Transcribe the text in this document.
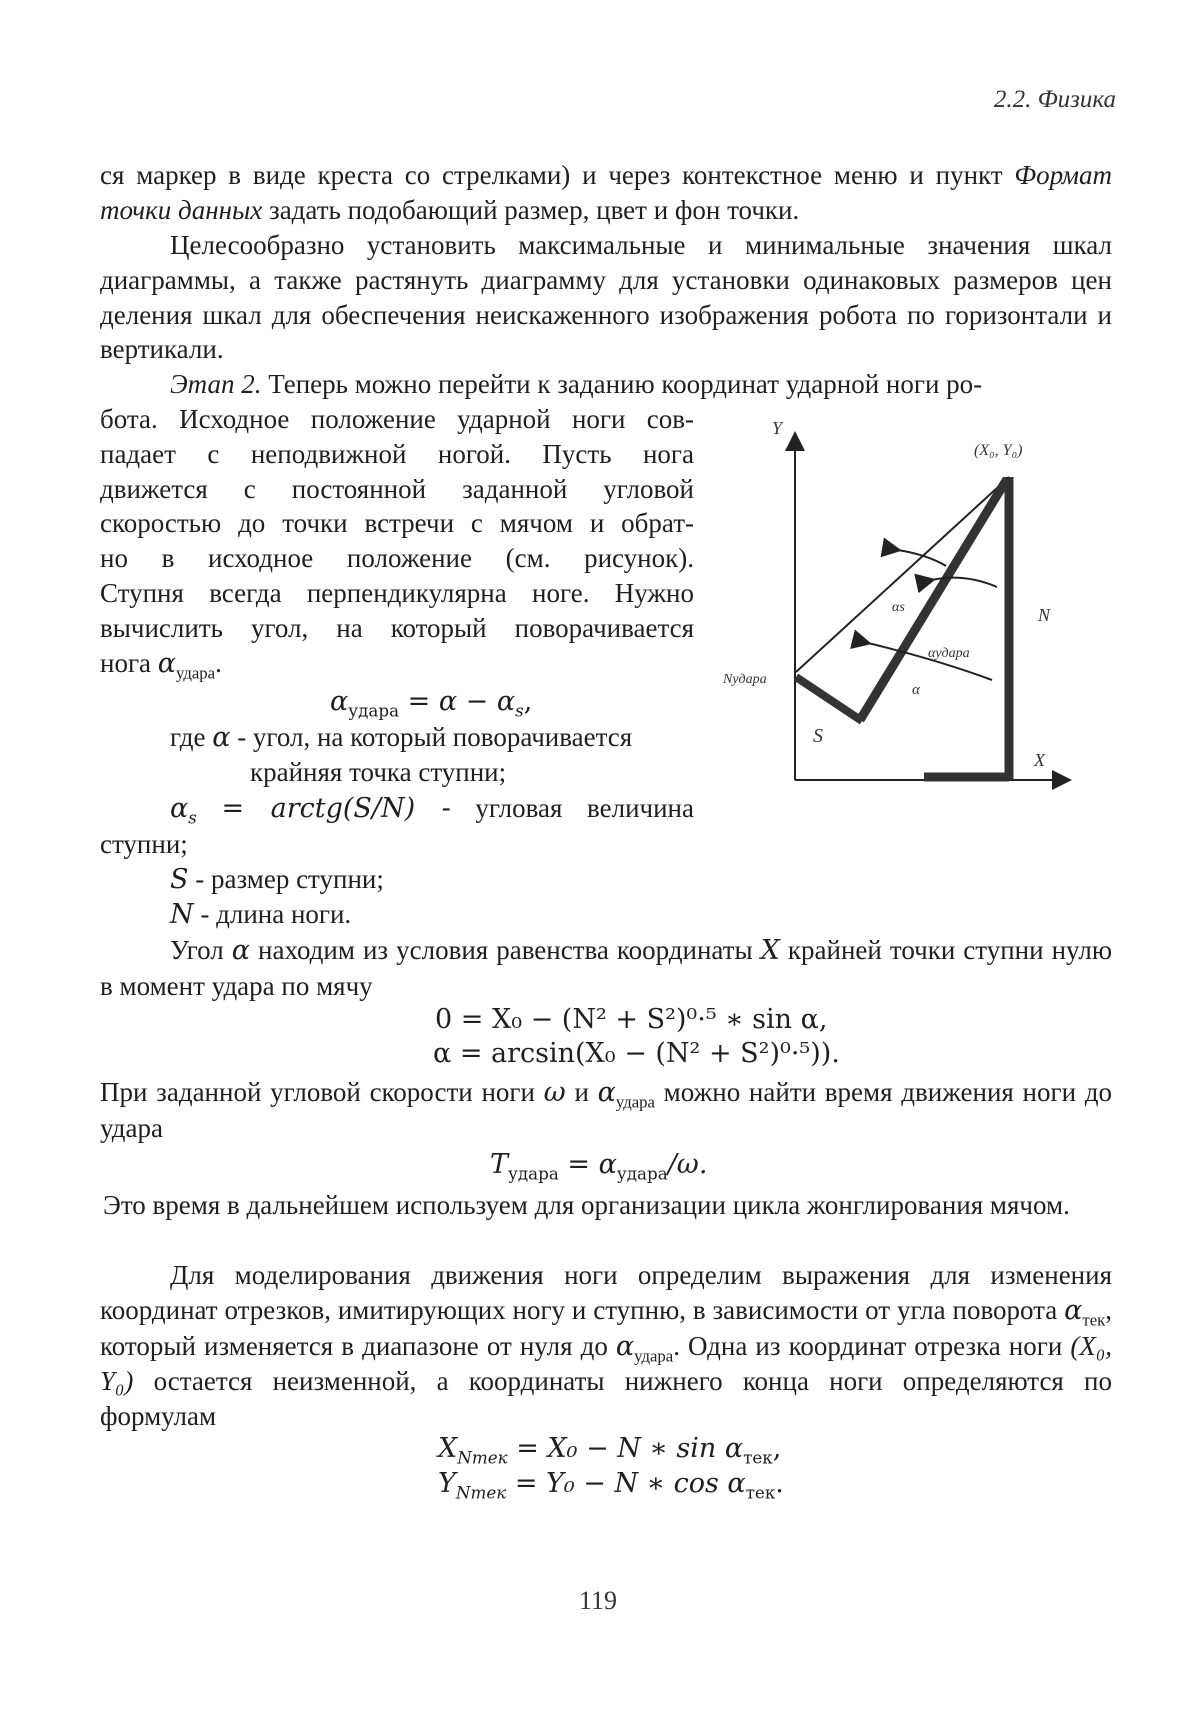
2.2. Физика
ся маркер в виде креста со стрелками) и через контекстное меню и пункт Формат точки данных задать подобающий размер, цвет и фон точки.
Целесообразно установить максимальные и минимальные значения шкал диаграммы, а также растянуть диаграмму для установки одинаковых размеров цен деления шкал для обеспечения неискаженного изображения робота по горизонтали и вертикали.
Этап 2. Теперь можно перейти к заданию координат ударной ноги ро-
бота. Исходное положение ударной ноги сов-
падает с неподвижной ногой. Пусть нога
движется с постоянной заданной угловой
скоростью до точки встречи с мячом и обрат-
но в исходное положение (см. рисунок).
Ступня всегда перпендикулярна ноге. Нужно
вычислить угол, на который поворачивается
нога $\alpha_{удара}$.
$\alpha_{удара} = \alpha - \alpha_s$,
где α - угол, на который поворачивается
крайняя точка ступни;
$\alpha_s$ = arctg(S/N) - угловая величина
ступни;
S - размер ступни;
N - длина ноги.
Угол α находим из условия равенства координаты X крайней точки ступни нулю в момент удара по мячу
0 = X₀ − (N² + S²)⁰·⁵ ∗ sin α,
α = arcsin(X₀ − (N² + S²)⁰·⁵)).
При заданной угловой скорости ноги ω и $\alpha_{удара}$ можно найти время движения ноги до удара
$T_{удара} = \alpha_{удара}/\omega$.
Это время в дальнейшем используем для организации цикла жонглирования мячом.
Для моделирования движения ноги определим выражения для изменения координат отрезков, имитирующих ногу и ступню, в зависимости от угла поворота $\alpha_{тек}$, который изменяется в диапазоне от нуля до $\alpha_{удара}$. Одна из координат отрезка ноги (X₀, Y₀) остается неизменной, а координаты нижнего конца ноги определяются по формулам
$X_{Nтек} = X_0 - N$ ∗ $\sin \alpha_{тек}$,
$Y_{Nтек} = Y_0 - N$ ∗ $\cos \alpha_{тек}$.
Y
X
(X₀, Y₀)
N
S
αs
αудара
α
Nудара
119
